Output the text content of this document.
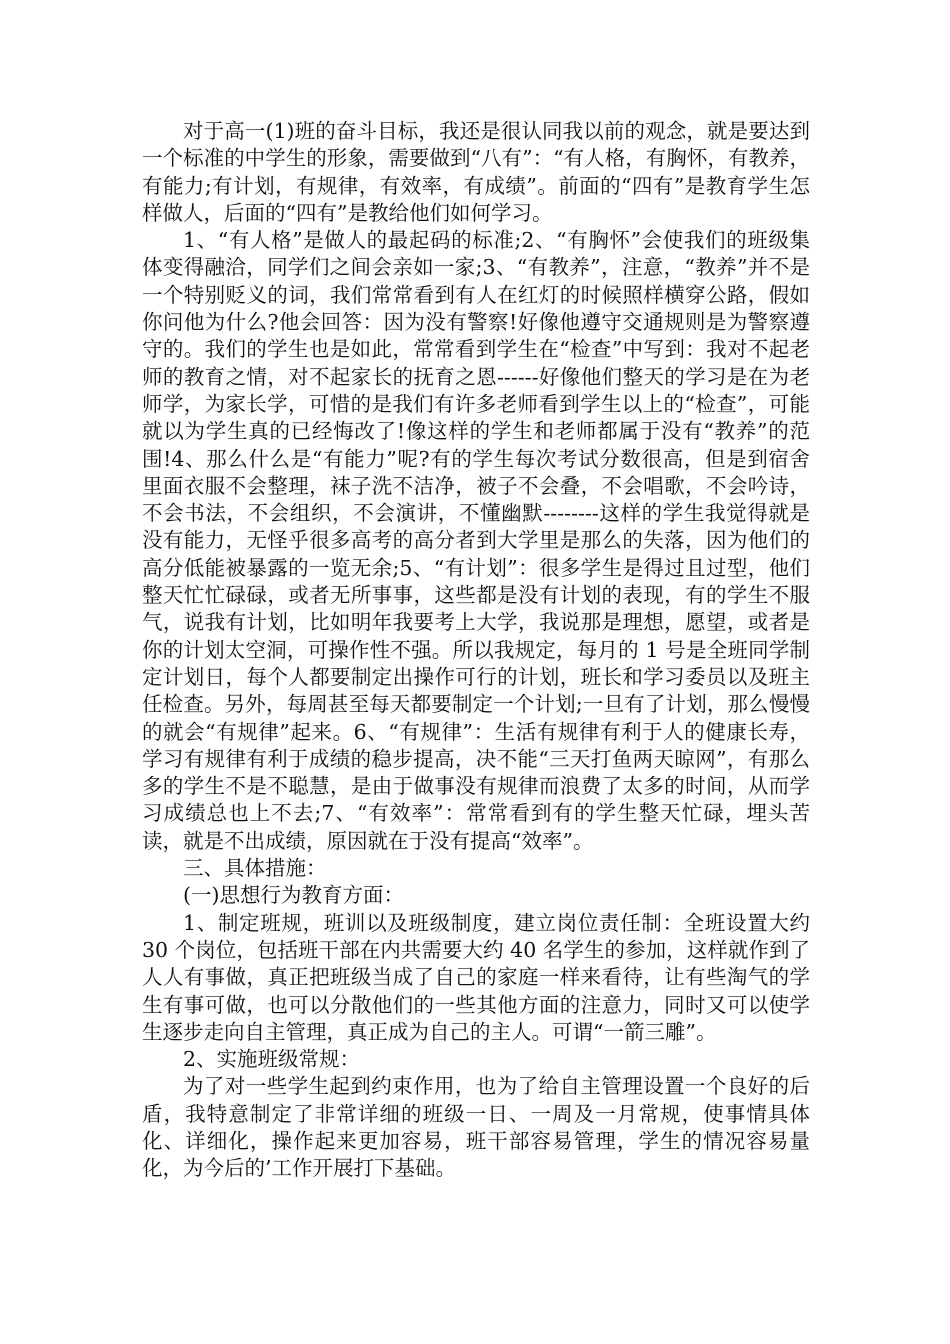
对于高一(1)班的奋斗目标，我还是很认同我以前的观念，就是要达到一个标准的中学生的形象，需要做到“八有”：“有人格，有胸怀，有教养，有能力;有计划，有规律，有效率，有成绩”。前面的“四有”是教育学生怎样做人，后面的“四有”是教给他们如何学习。

1、“有人格”是做人的最起码的标准;2、“有胸怀”会使我们的班级集体变得融洽，同学们之间会亲如一家;3、“有教养”，注意，“教养”并不是一个特别贬义的词，我们常常看到有人在红灯的时候照样横穿公路，假如你问他为什么?他会回答：因为没有警察!好像他遵守交通规则是为警察遵守的。我们的学生也是如此，常常看到学生在“检查”中写到：我对不起老师的教育之情，对不起家长的抚育之恩------好像他们整天的学习是在为老师学，为家长学，可惜的是我们有许多老师看到学生以上的“检查”，可能就以为学生真的已经悔改了!像这样的学生和老师都属于没有“教养”的范围!4、那么什么是“有能力”呢?有的学生每次考试分数很高，但是到宿舍里面衣服不会整理，袜子洗不洁净，被子不会叠，不会唱歌，不会吟诗，不会书法，不会组织，不会演讲，不懂幽默--------这样的学生我觉得就是没有能力，无怪乎很多高考的高分者到大学里是那么的失落，因为他们的高分低能被暴露的一览无余;5、“有计划”：很多学生是得过且过型，他们整天忙忙碌碌，或者无所事事，这些都是没有计划的表现，有的学生不服气，说我有计划，比如明年我要考上大学，我说那是理想，愿望，或者是你的计划太空洞，可操作性不强。所以我规定，每月的 1 号是全班同学制定计划日，每个人都要制定出操作可行的计划，班长和学习委员以及班主任检查。另外，每周甚至每天都要制定一个计划;一旦有了计划，那么慢慢的就会“有规律”起来。6、“有规律”：生活有规律有利于人的健康长寿，学习有规律有利于成绩的稳步提高，决不能“三天打鱼两天晾网”，有那么多的学生不是不聪慧，是由于做事没有规律而浪费了太多的时间，从而学习成绩总也上不去;7、“有效率”：常常看到有的学生整天忙碌，埋头苦读，就是不出成绩，原因就在于没有提高“效率”。

三、具体措施：

(一)思想行为教育方面：

1、制定班规，班训以及班级制度，建立岗位责任制：全班设置大约 30 个岗位，包括班干部在内共需要大约 40 名学生的参加，这样就作到了人人有事做，真正把班级当成了自己的家庭一样来看待，让有些淘气的学生有事可做，也可以分散他们的一些其他方面的注意力，同时又可以使学生逐步走向自主管理，真正成为自己的主人。可谓“一箭三雕”。

2、实施班级常规：

为了对一些学生起到约束作用，也为了给自主管理设置一个良好的后盾，我特意制定了非常详细的班级一日、一周及一月常规，使事情具体化、详细化，操作起来更加容易，班干部容易管理，学生的情况容易量化，为今后的’工作开展打下基础。
